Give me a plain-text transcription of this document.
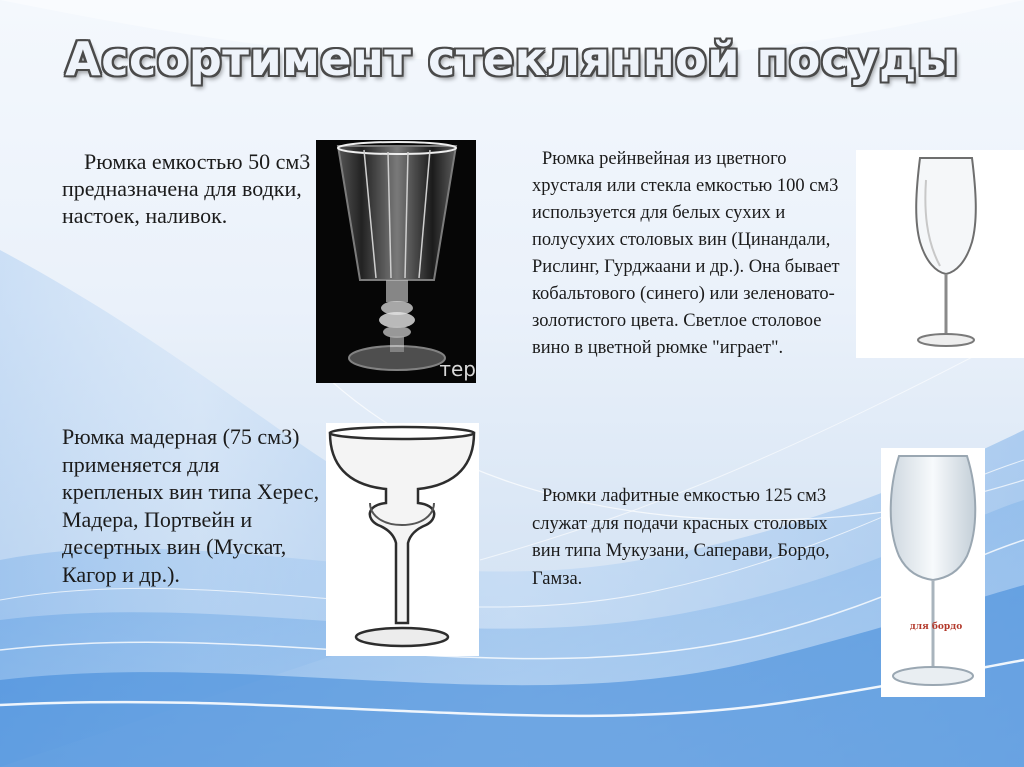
Ассортимент стеклянной посуды
Рюмка емкостью 50 см3 предназначена для водки, настоек, наливок.
Рюмка рейнвейная из цветного хрусталя или стекла емкостью 100 см3 используется для белых сухих и полусухих столовых вин (Цинандали, Рислинг, Гурджаани и др.). Она бывает кобальтового (синего) или зеленовато-золотистого цвета. Светлое столовое вино в цветной рюмке "играет".
Рюмка мадерная (75 см3) применяется для крепленых вин типа Херес, Мадера, Портвейн и десертных вин (Мускат, Кагор и др.).
Рюмки лафитные емкостью 125 см3 служат для подачи красных столовых вин типа Мукузани, Саперави, Бордо, Гамза.
тер
для бордо
